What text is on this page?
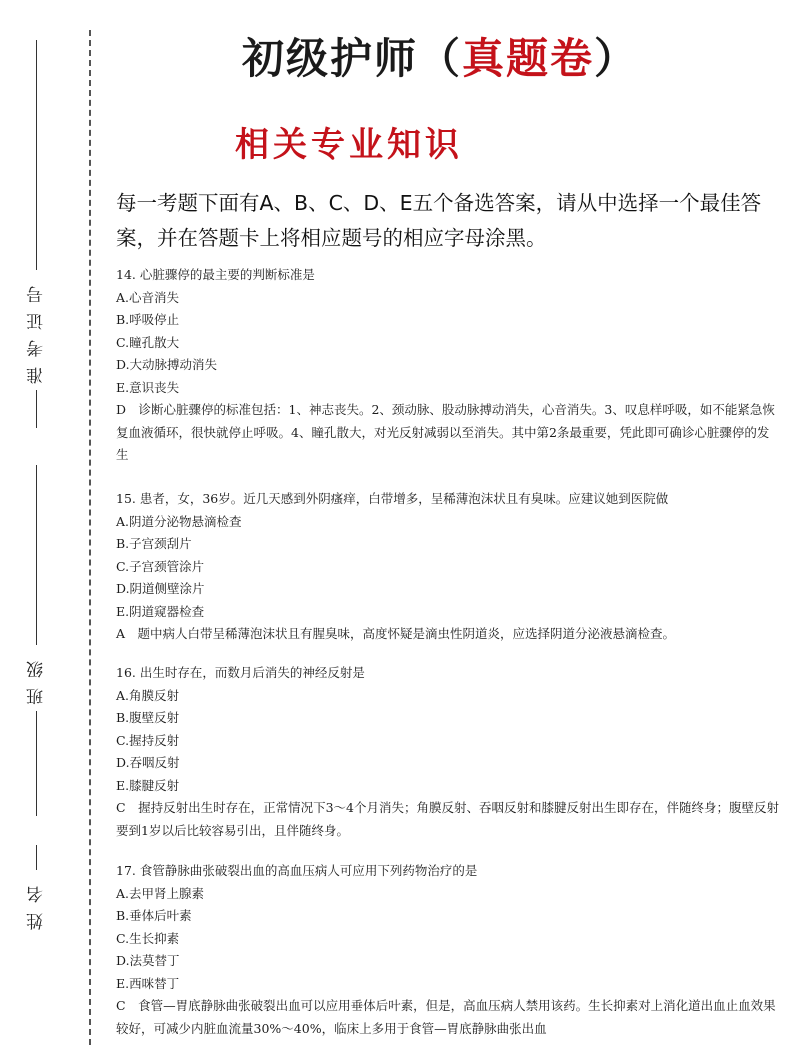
准考证号
班级
姓名
初级护师（真题卷）
相关专业知识
每一考题下面有A、B、C、D、E五个备选答案，请从中选择一个最佳答案，并在答题卡上将相应题号的相应字母涂黑。
14. 心脏骤停的最主要的判断标准是
A.心音消失
B.呼吸停止
C.瞳孔散大
D.大动脉搏动消失
E.意识丧失
D　诊断心脏骤停的标准包括：1、神志丧失。2、颈动脉、股动脉搏动消失，心音消失。3、叹息样呼吸，如不能紧急恢复血液循环，很快就停止呼吸。4、瞳孔散大，对光反射减弱以至消失。其中第2条最重要，凭此即可确诊心脏骤停的发生
15. 患者，女，36岁。近几天感到外阴瘙痒，白带增多，呈稀薄泡沫状且有臭味。应建议她到医院做
A.阴道分泌物悬滴检查
B.子宫颈刮片
C.子宫颈管涂片
D.阴道侧壁涂片
E.阴道窥器检查
A　题中病人白带呈稀薄泡沫状且有腥臭味，高度怀疑是滴虫性阴道炎，应选择阴道分泌液悬滴检查。
16. 出生时存在，而数月后消失的神经反射是
A.角膜反射
B.腹壁反射
C.握持反射
D.吞咽反射
E.膝腱反射
C　握持反射出生时存在，正常情况下3～4个月消失；角膜反射、吞咽反射和膝腱反射出生即存在，伴随终身；腹壁反射要到1岁以后比较容易引出，且伴随终身。
17. 食管静脉曲张破裂出血的高血压病人可应用下列药物治疗的是
A.去甲肾上腺素
B.垂体后叶素
C.生长抑素
D.法莫替丁
E.西咪替丁
C　食管—胃底静脉曲张破裂出血可以应用垂体后叶素，但是，高血压病人禁用该药。生长抑素对上消化道出血止血效果较好，可减少内脏血流量30%～40%，临床上多用于食管—胃底静脉曲张出血
